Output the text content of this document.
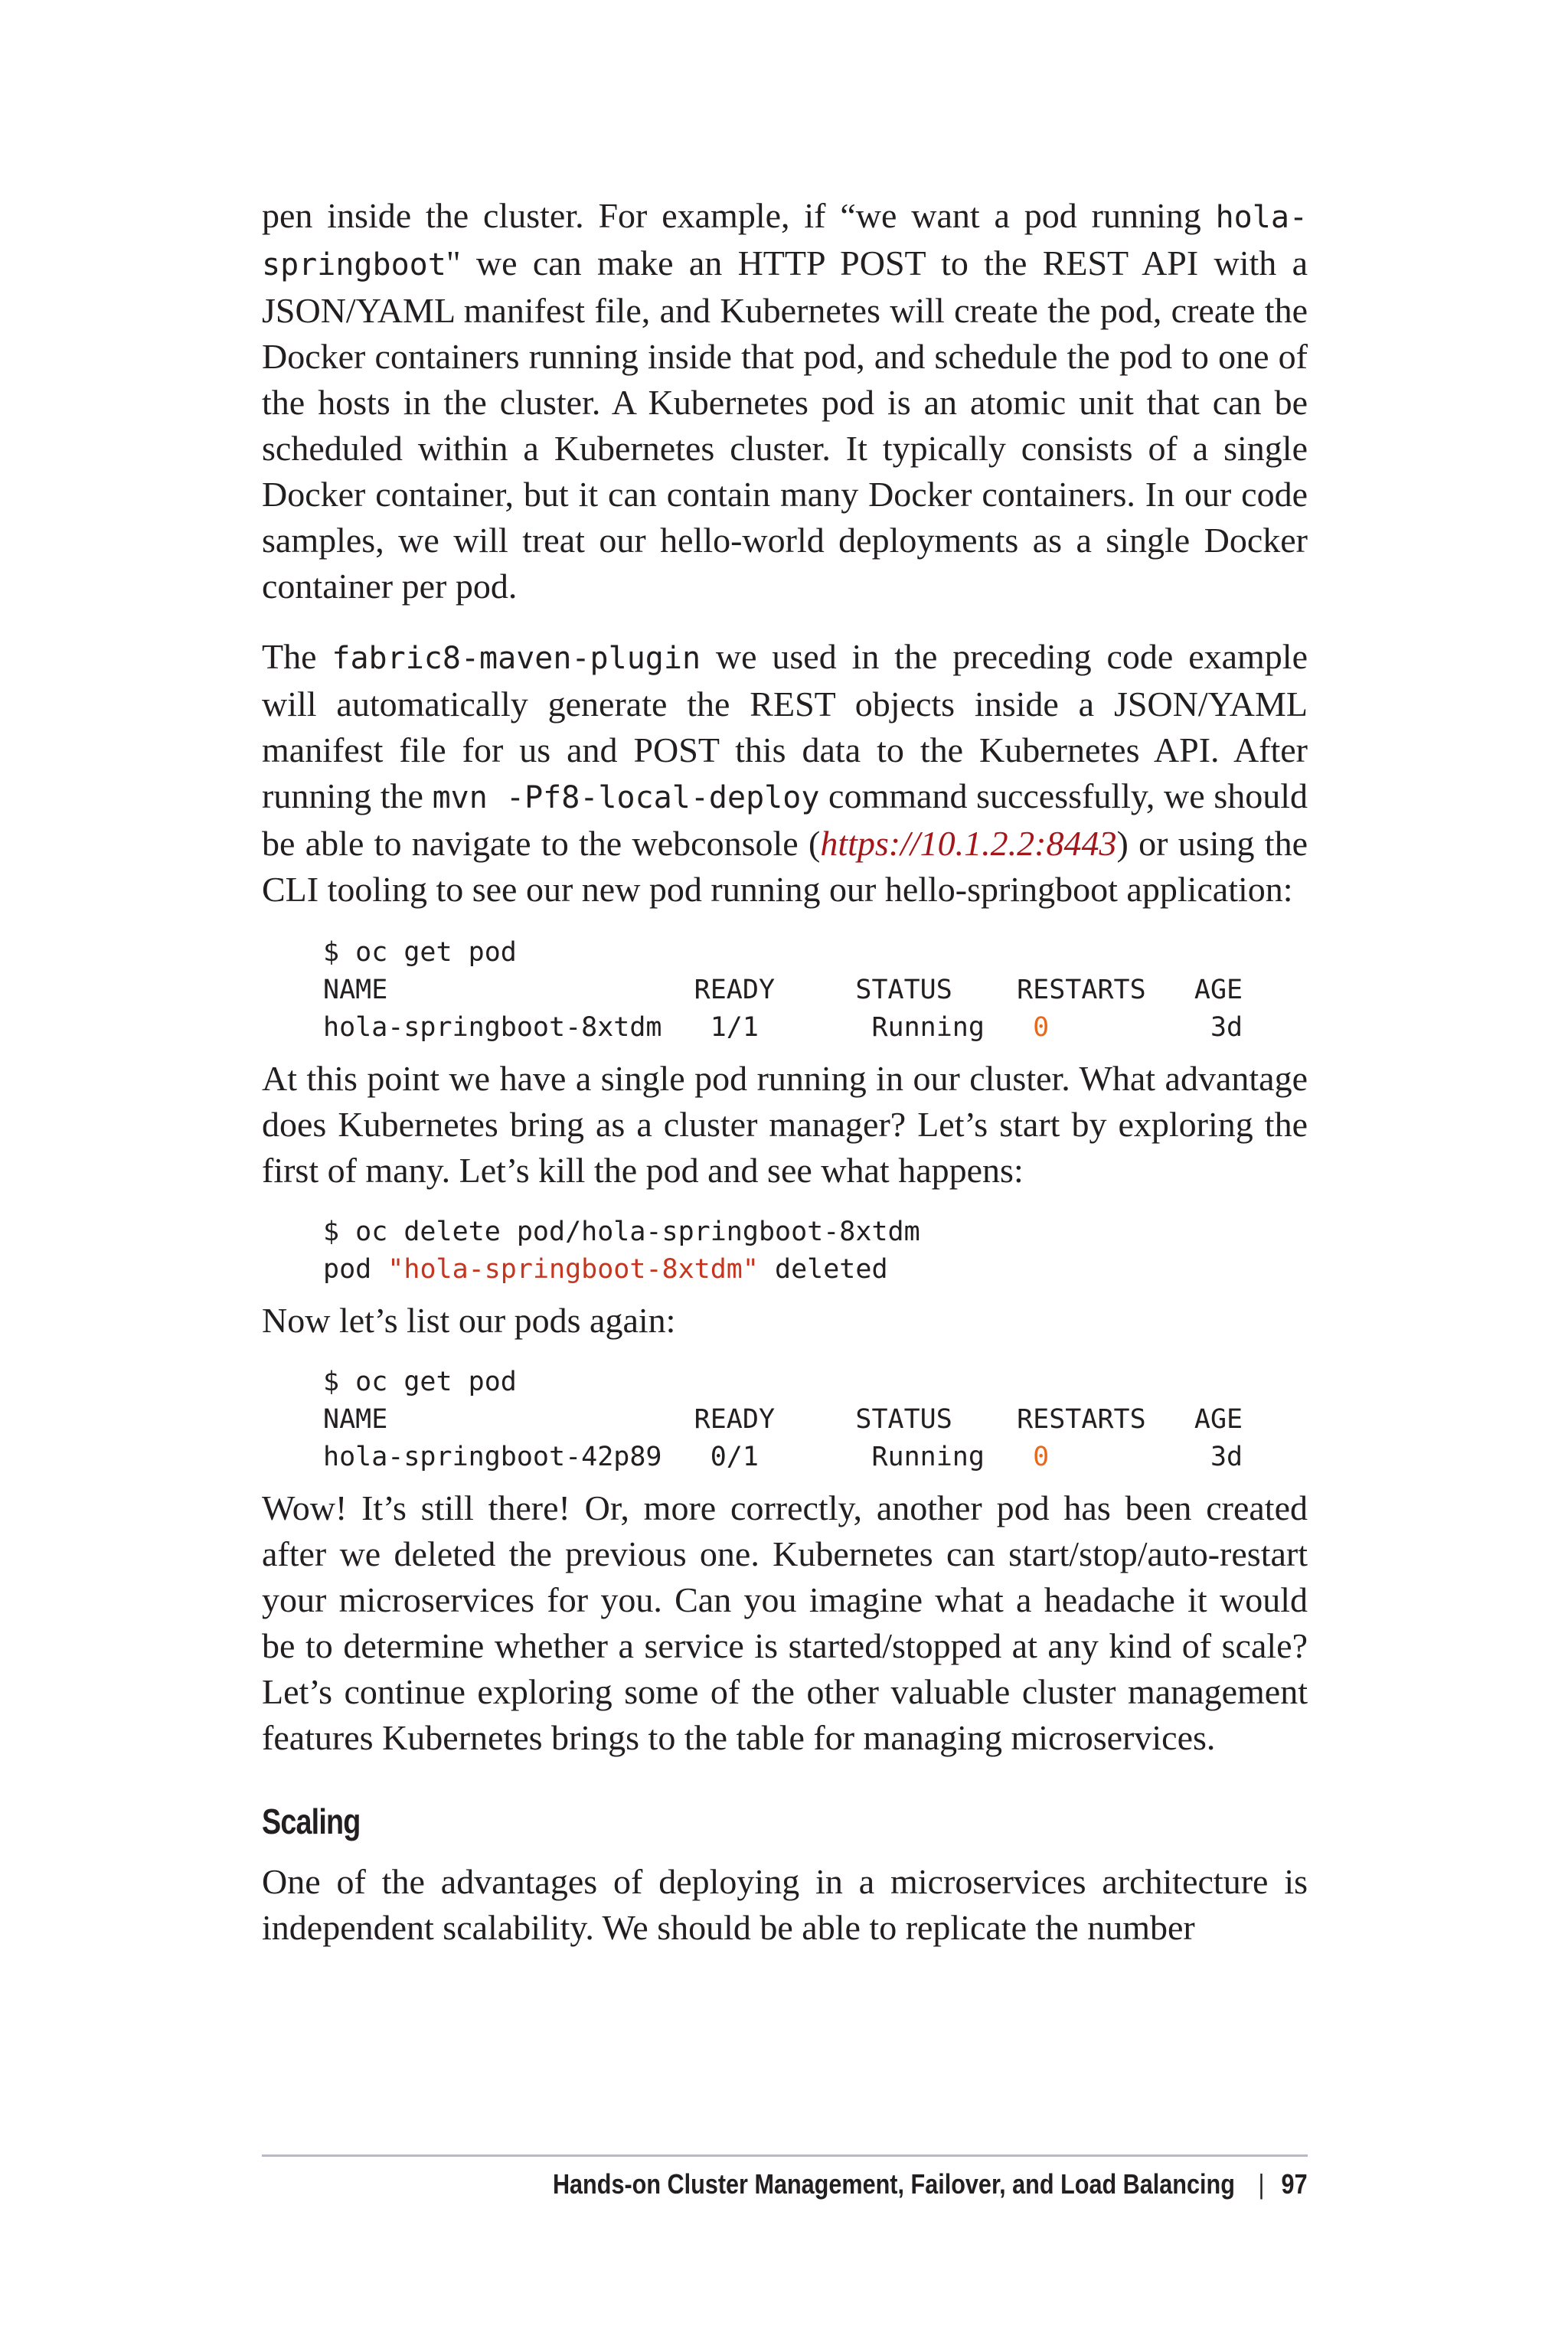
pen inside the cluster. For example, if “we want a pod running hola-springboot" we can make an HTTP POST to the REST API with a JSON/YAML manifest file, and Kubernetes will create the pod, create the Docker containers running inside that pod, and schedule the pod to one of the hosts in the cluster. A Kubernetes pod is an atomic unit that can be scheduled within a Kubernetes cluster. It typically consists of a single Docker container, but it can contain many Docker containers. In our code samples, we will treat our hello-world deployments as a single Docker container per pod.

The fabric8-maven-plugin we used in the preceding code example will automatically generate the REST objects inside a JSON/YAML manifest file for us and POST this data to the Kubernetes API. After running the mvn -Pf8-local-deploy command successfully, we should be able to navigate to the webconsole (https://10.1.2.2:8443) or using the CLI tooling to see our new pod running our hello-springboot application:

$ oc get pod
NAME                   READY     STATUS    RESTARTS   AGE
hola-springboot-8xtdm   1/1       Running   0          3d

At this point we have a single pod running in our cluster. What advantage does Kubernetes bring as a cluster manager? Let’s start by exploring the first of many. Let’s kill the pod and see what happens:

$ oc delete pod/hola-springboot-8xtdm
pod "hola-springboot-8xtdm" deleted

Now let’s list our pods again:

$ oc get pod
NAME                   READY     STATUS    RESTARTS   AGE
hola-springboot-42p89   0/1       Running   0          3d

Wow! It’s still there! Or, more correctly, another pod has been created after we deleted the previous one. Kubernetes can start/stop/auto-restart your microservices for you. Can you imagine what a headache it would be to determine whether a service is started/stopped at any kind of scale? Let’s continue exploring some of the other valuable cluster management features Kubernetes brings to the table for managing microservices.

Scaling

One of the advantages of deploying in a microservices architecture is independent scalability. We should be able to replicate the number

Hands-on Cluster Management, Failover, and Load Balancing | 97
